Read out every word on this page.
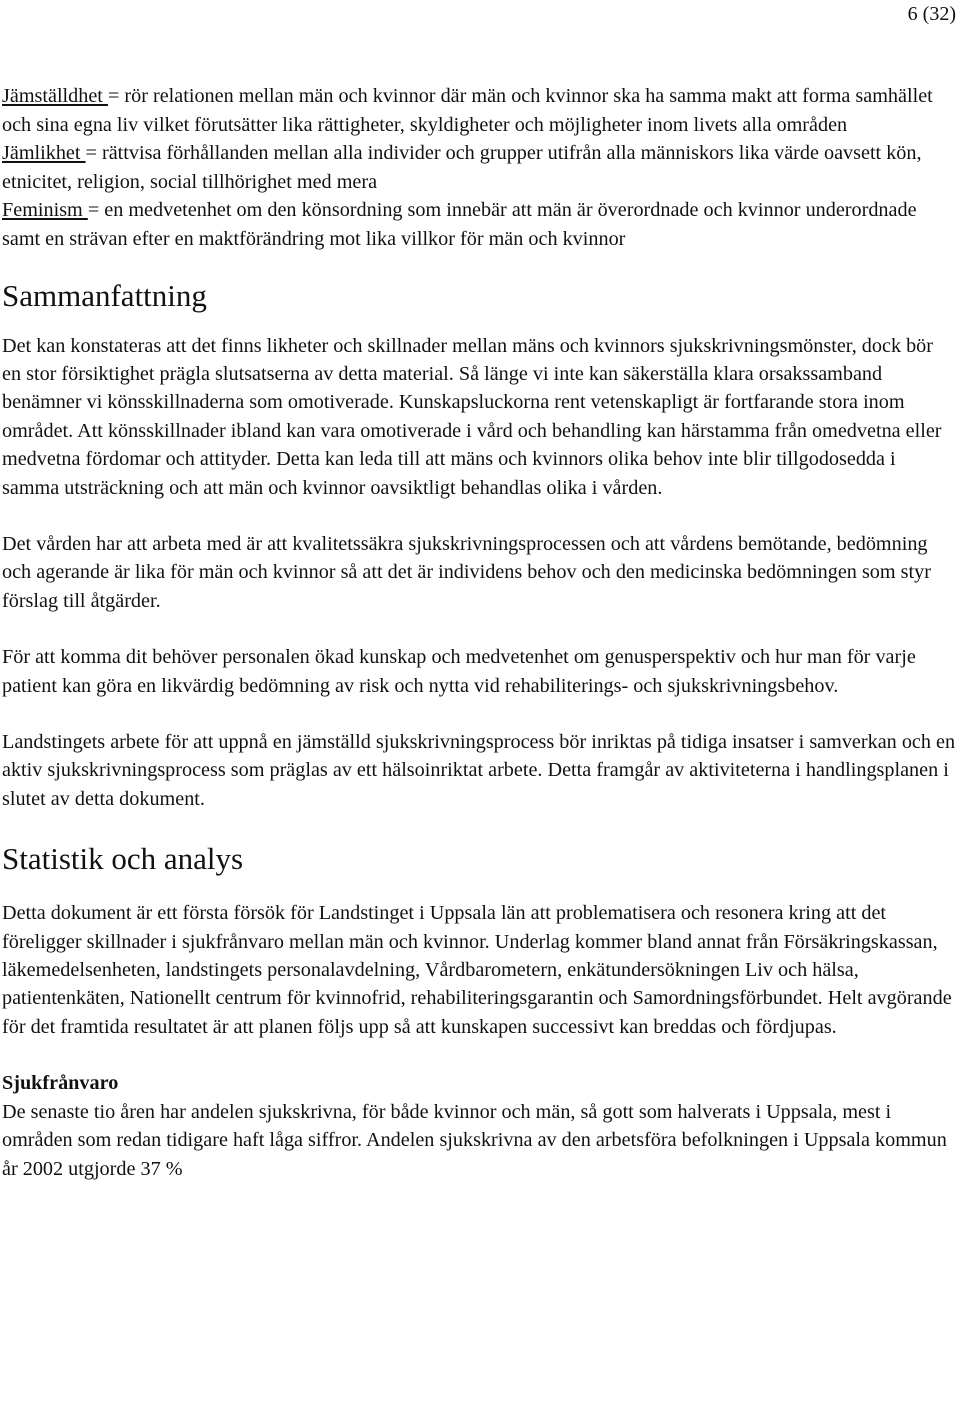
6 (32)
Jämställdhet = rör relationen mellan män och kvinnor där män och kvinnor ska ha samma makt att forma samhället och sina egna liv vilket förutsätter lika rättigheter, skyldigheter och möjligheter inom livets alla områden
Jämlikhet = rättvisa förhållanden mellan alla individer och grupper utifrån alla människors lika värde oavsett kön, etnicitet, religion, social tillhörighet med mera
Feminism = en medvetenhet om den könsordning som innebär att män är överordnade och kvinnor underordnade samt en strävan efter en maktförändring mot lika villkor för män och kvinnor
Sammanfattning

Det kan konstateras att det finns likheter och skillnader mellan mäns och kvinnors sjukskrivningsmönster, dock bör en stor försiktighet prägla slutsatserna av detta material. Så länge vi inte kan säkerställa klara orsakssamband benämner vi könsskillnaderna som omotiverade. Kunskapsluckorna rent vetenskapligt är fortfarande stora inom området. Att könsskillnader ibland kan vara omotiverade i vård och behandling kan härstamma från omedvetna eller medvetna fördomar och attityder. Detta kan leda till att mäns och kvinnors olika behov inte blir tillgodosedda i samma utsträckning och att män och kvinnor oavsiktligt behandlas olika i vården.

Det vården har att arbeta med är att kvalitetssäkra sjukskrivningsprocessen och att vårdens bemötande, bedömning och agerande är lika för män och kvinnor så att det är individens behov och den medicinska bedömningen som styr förslag till åtgärder.

För att komma dit behöver personalen ökad kunskap och medvetenhet om genusperspektiv och hur man för varje patient kan göra en likvärdig bedömning av risk och nytta vid rehabiliterings- och sjukskrivningsbehov.

Landstingets arbete för att uppnå en jämställd sjukskrivningsprocess bör inriktas på tidiga insatser i samverkan och en aktiv sjukskrivningsprocess som präglas av ett hälsoinriktat arbete. Detta framgår av aktiviteterna i handlingsplanen i slutet av detta dokument.

Statistik och analys

Detta dokument är ett första försök för Landstinget i Uppsala län att problematisera och resonera kring att det föreligger skillnader i sjukfrånvaro mellan män och kvinnor. Underlag kommer bland annat från Försäkringskassan, läkemedelsenheten, landstingets personalavdelning, Vårdbarometern, enkätundersökningen Liv och hälsa, patientenkäten, Nationellt centrum för kvinnofrid, rehabiliteringsgarantin och Samordningsförbundet. Helt avgörande för det framtida resultatet är att planen följs upp så att kunskapen successivt kan breddas och fördjupas.

Sjukfrånvaro

De senaste tio åren har andelen sjukskrivna, för både kvinnor och män, så gott som halverats i Uppsala, mest i områden som redan tidigare haft låga siffror. Andelen sjukskrivna av den arbetsföra befolkningen i Uppsala kommun år 2002 utgjorde 37 %
